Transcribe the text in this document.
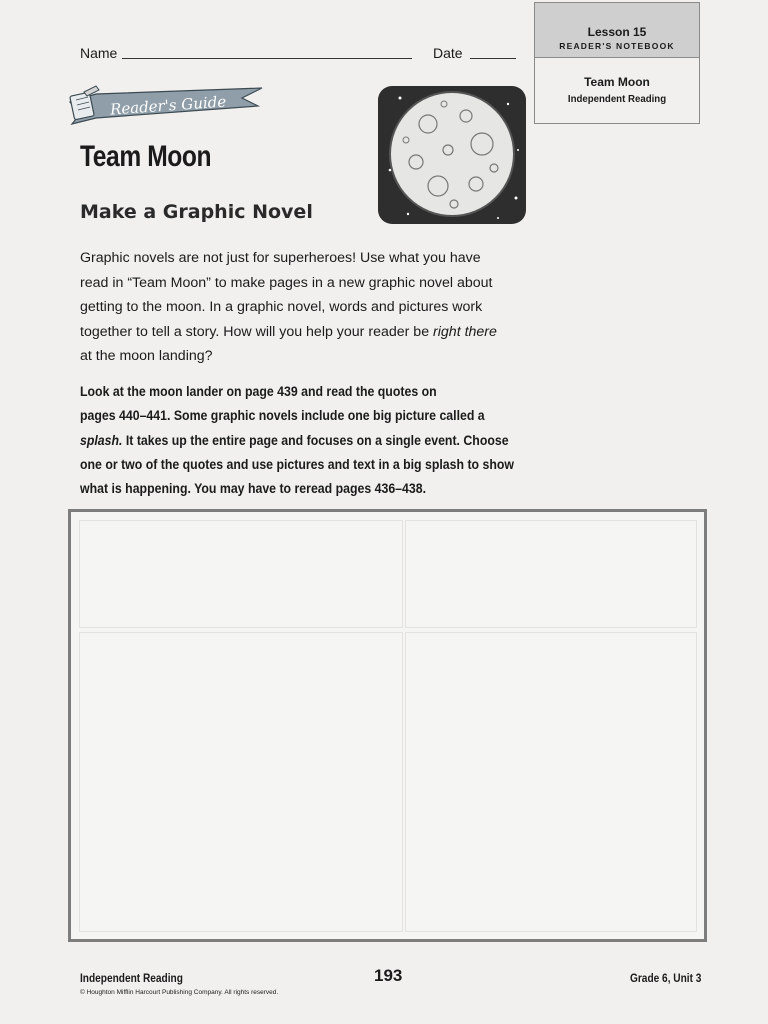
Name	Date
Lesson 15
READER'S NOTEBOOK
Team Moon
Independent Reading
Reader's Guide
Team Moon
Make a Graphic Novel
Graphic novels are not just for superheroes! Use what you have
read in “Team Moon” to make pages in a new graphic novel about
getting to the moon. In a graphic novel, words and pictures work
together to tell a story. How will you help your reader be right there
at the moon landing?
Look at the moon lander on page 439 and read the quotes on
pages 440–441. Some graphic novels include one big picture called a
splash. It takes up the entire page and focuses on a single event. Choose
one or two of the quotes and use pictures and text in a big splash to show
what is happening. You may have to reread pages 436–438.
Independent Reading
© Houghton Mifflin Harcourt Publishing Company. All rights reserved.
193	Grade 6, Unit 3
